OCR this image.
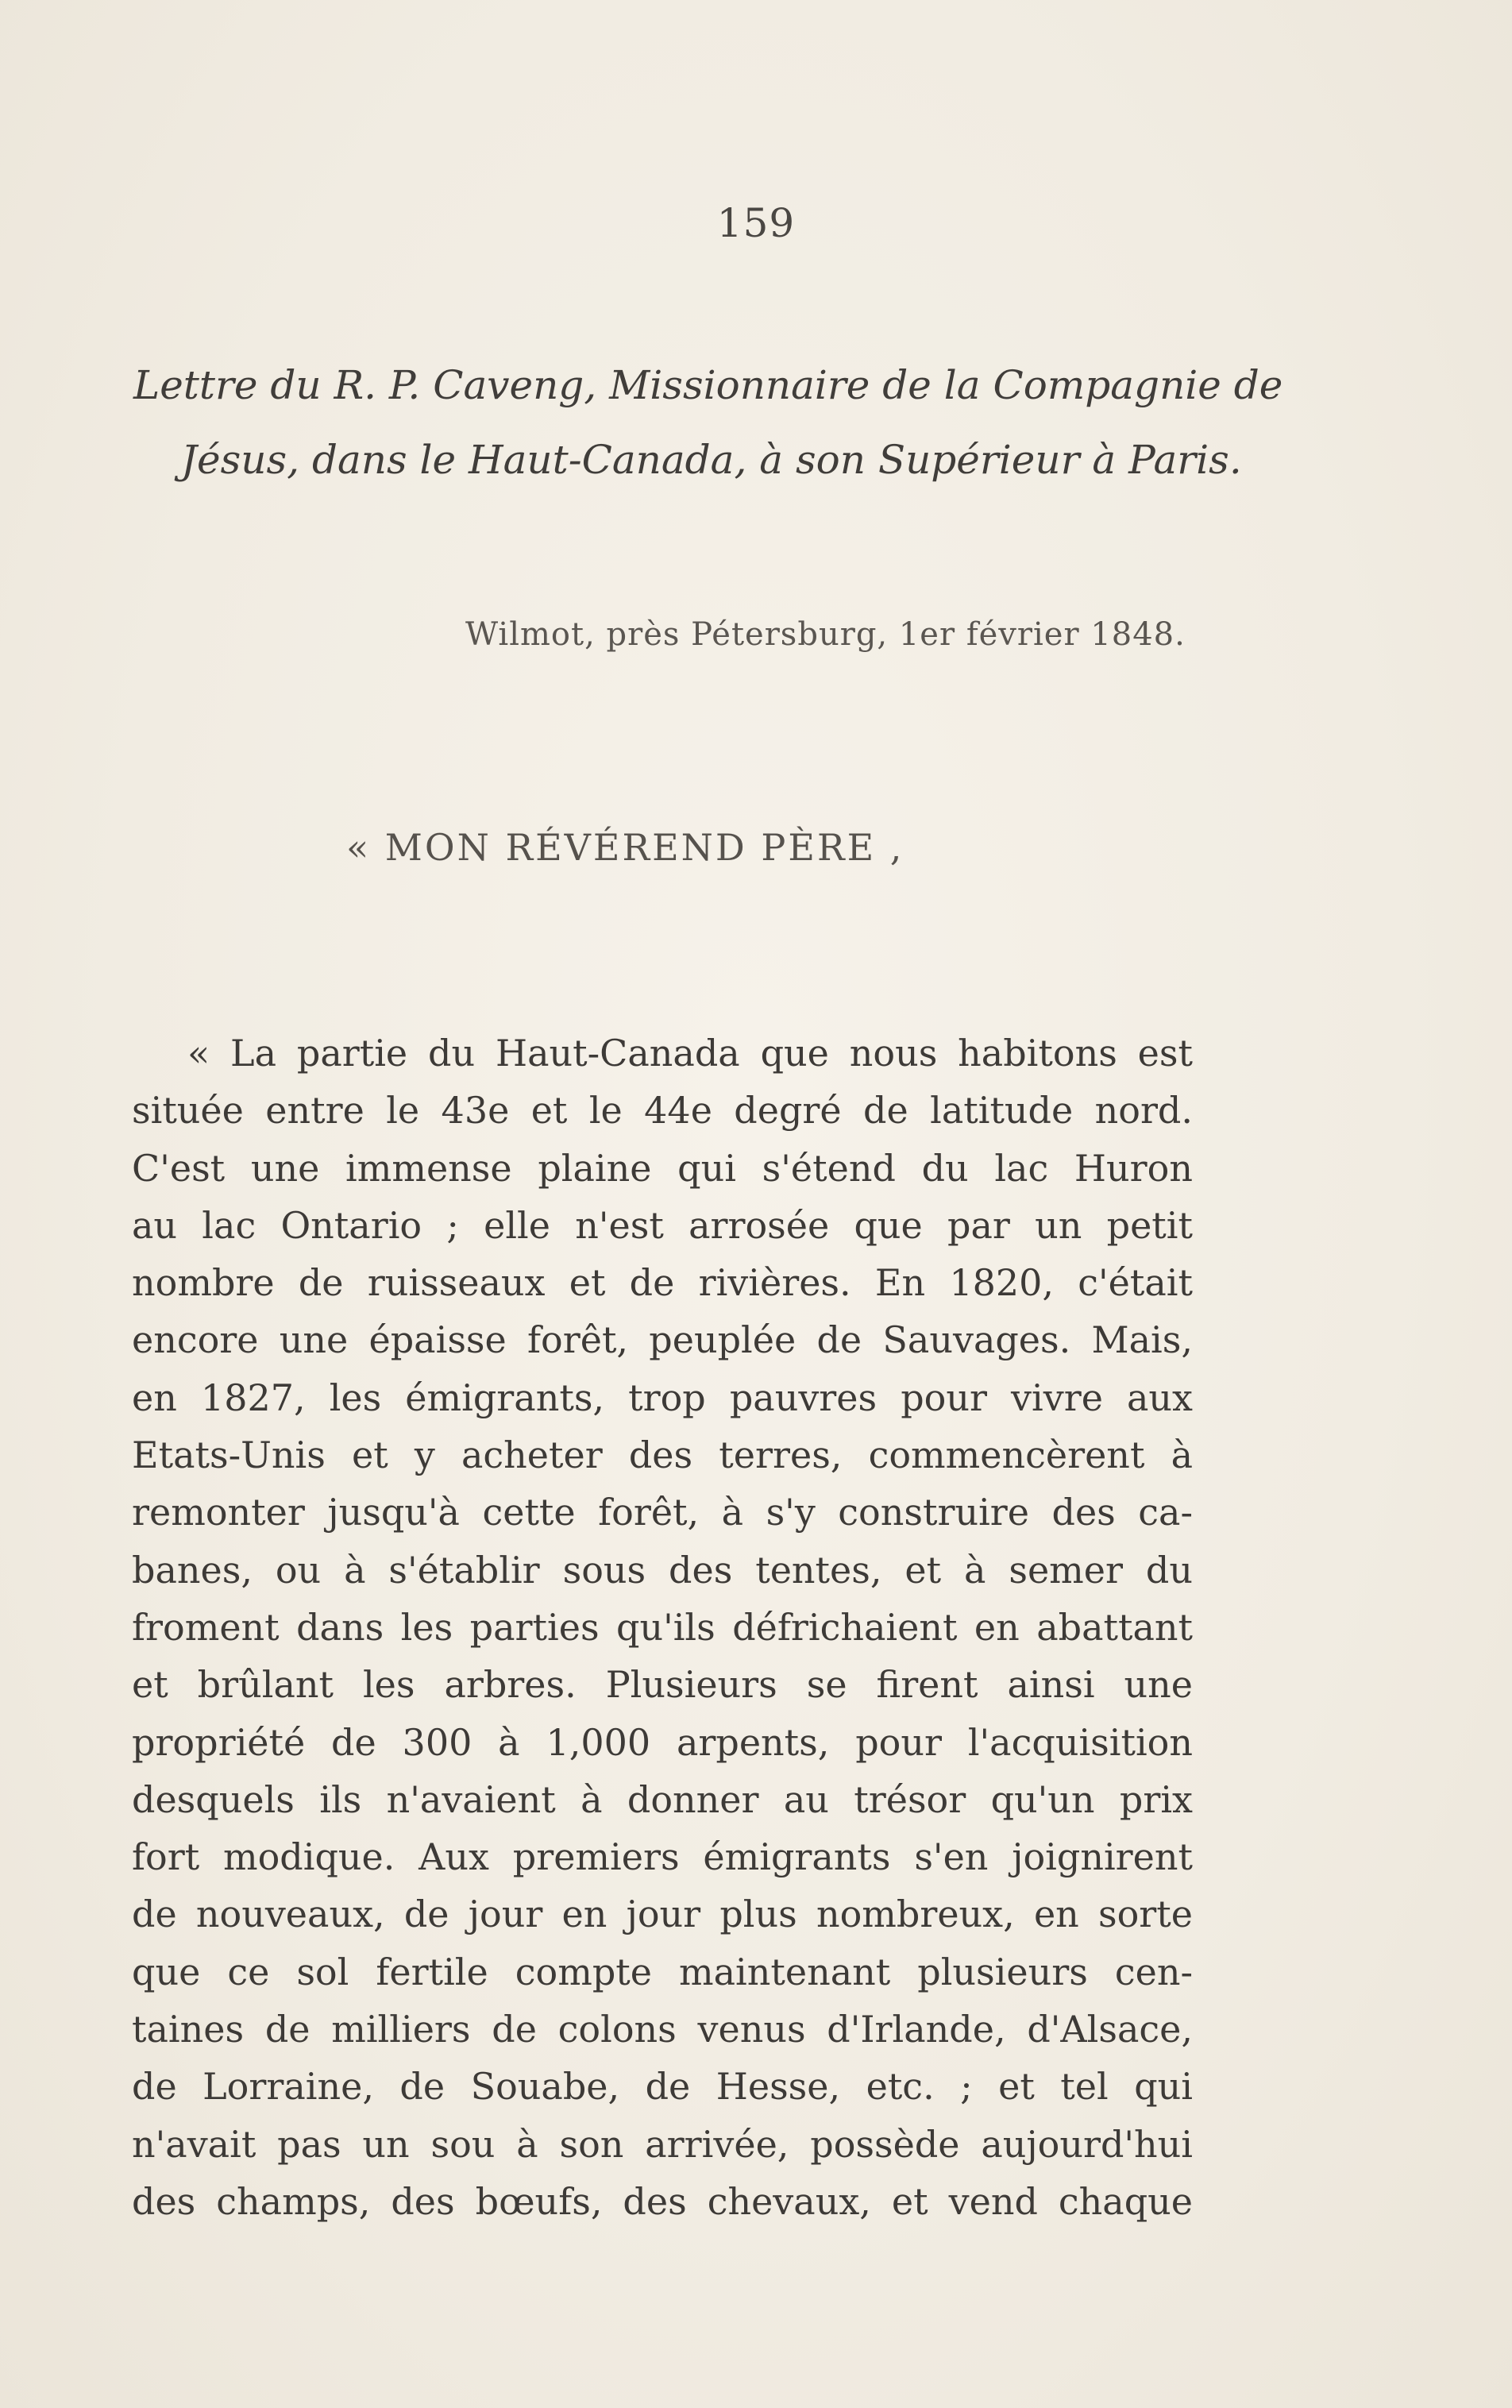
159
Lettre du R. P. Caveng, Missionnaire de la Compagnie de
Jésus, dans le Haut-Canada, à son Supérieur à Paris.
Wilmot, près Pétersburg, 1er février 1848.
« MON RÉVÉREND PÈRE ,
« La partie du Haut-Canada que nous habitons est
située entre le 43e et le 44e degré de latitude nord.
C'est une immense plaine qui s'étend du lac Huron
au lac Ontario ; elle n'est arrosée que par un petit
nombre de ruisseaux et de rivières. En 1820, c'était
encore une épaisse forêt, peuplée de Sauvages. Mais,
en 1827, les émigrants, trop pauvres pour vivre aux
Etats-Unis et y acheter des terres, commencèrent à
remonter jusqu'à cette forêt, à s'y construire des ca-
banes, ou à s'établir sous des tentes, et à semer du
froment dans les parties qu'ils défrichaient en abattant
et brûlant les arbres. Plusieurs se firent ainsi une
propriété de 300 à 1,000 arpents, pour l'acquisition
desquels ils n'avaient à donner au trésor qu'un prix
fort modique. Aux premiers émigrants s'en joignirent
de nouveaux, de jour en jour plus nombreux, en sorte
que ce sol fertile compte maintenant plusieurs cen-
taines de milliers de colons venus d'Irlande, d'Alsace,
de Lorraine, de Souabe, de Hesse, etc. ; et tel qui
n'avait pas un sou à son arrivée, possède aujourd'hui
des champs, des bœufs, des chevaux, et vend chaque
